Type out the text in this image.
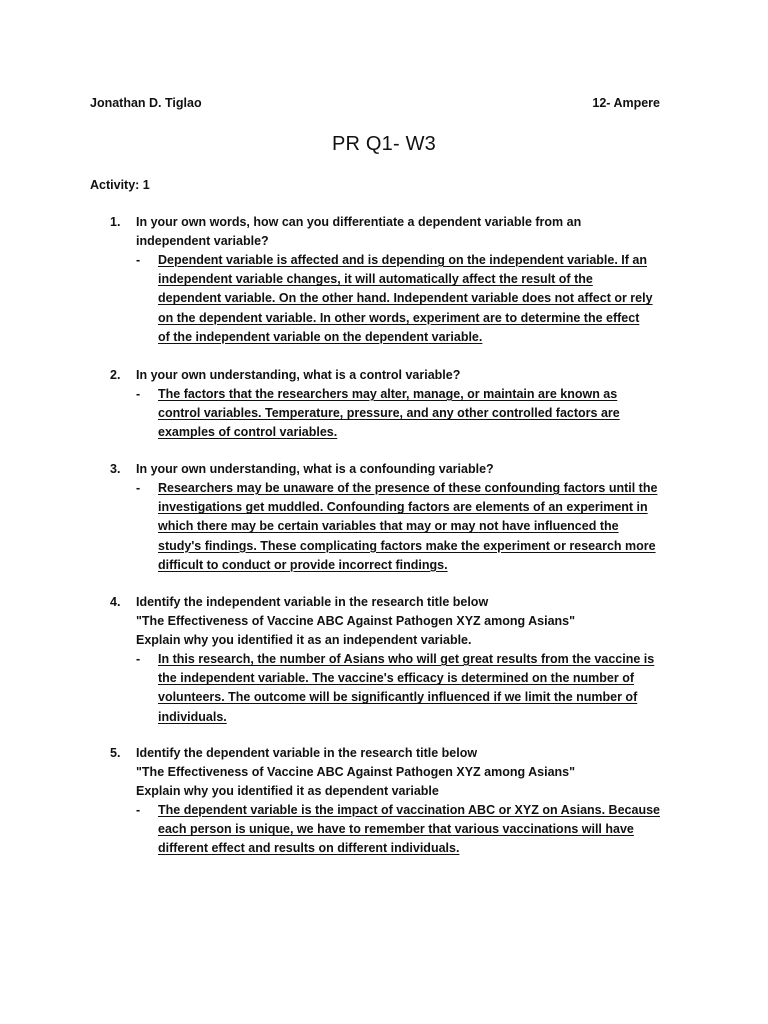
Jonathan D. Tiglao	12- Ampere
PR Q1- W3
Activity: 1
1.	In your own words, how can you differentiate a dependent variable from an
independent variable?
-	Dependent variable is affected and is depending on the independent variable. If an
independent variable changes, it will automatically affect the result of the
dependent variable. On the other hand. Independent variable does not affect or rely
on the dependent variable. In other words, experiment are to determine the effect
of the independent variable on the dependent variable.
2.	In your own understanding, what is a control variable?
-	The factors that the researchers may alter, manage, or maintain are known as
control variables. Temperature, pressure, and any other controlled factors are
examples of control variables.
3.	In your own understanding, what is a confounding variable?
-	Researchers may be unaware of the presence of these confounding factors until the
investigations get muddled. Confounding factors are elements of an experiment in
which there may be certain variables that may or may not have influenced the
study's findings. These complicating factors make the experiment or research more
difficult to conduct or provide incorrect findings.
4.	Identify the independent variable in the research title below
"The Effectiveness of Vaccine ABC Against Pathogen XYZ among Asians"
Explain why you identified it as an independent variable.
-	In this research, the number of Asians who will get great results from the vaccine is
the independent variable. The vaccine's efficacy is determined on the number of
volunteers. The outcome will be significantly influenced if we limit the number of
individuals.
5.	Identify the dependent variable in the research title below
"The Effectiveness of Vaccine ABC Against Pathogen XYZ among Asians"
Explain why you identified it as dependent variable
-	The dependent variable is the impact of vaccination ABC or XYZ on Asians. Because
each person is unique, we have to remember that various vaccinations will have
different effect and results on different individuals.
